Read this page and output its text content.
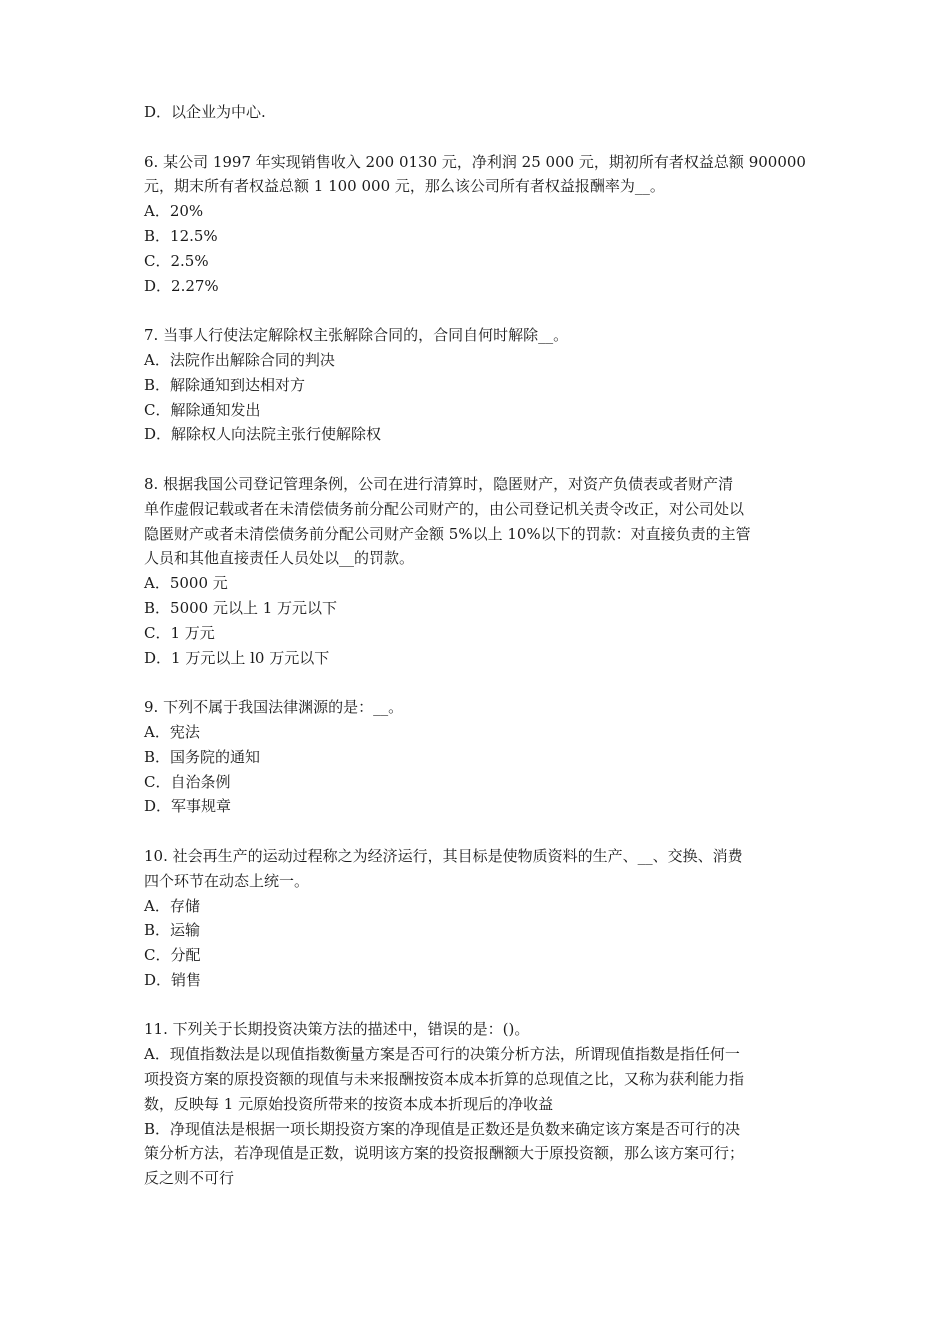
D．以企业为中心.
6. 某公司 1997 年实现销售收入 200 0130 元，净利润 25 000 元，期初所有者权益总额 900000
元，期末所有者权益总额 1 100 000 元，那么该公司所有者权益报酬率为__。
A．20%
B．12.5%
C．2.5%
D．2.27%
7. 当事人行使法定解除权主张解除合同的，合同自何时解除__。
A．法院作出解除合同的判决
B．解除通知到达相对方
C．解除通知发出
D．解除权人向法院主张行使解除权
8. 根据我国公司登记管理条例，公司在进行清算时，隐匿财产，对资产负债表或者财产清
单作虚假记载或者在未清偿债务前分配公司财产的，由公司登记机关责令改正，对公司处以
隐匿财产或者未清偿债务前分配公司财产金额 5%以上 10%以下的罚款：对直接负责的主管
人员和其他直接责任人员处以__的罚款。
A．5000 元
B．5000 元以上 1 万元以下
C．1 万元
D．1 万元以上 l0 万元以下
9. 下列不属于我国法律渊源的是：__。
A．宪法
B．国务院的通知
C．自治条例
D．军事规章
10. 社会再生产的运动过程称之为经济运行，其目标是使物质资料的生产、__、交换、消费
四个环节在动态上统一。
A．存储
B．运输
C．分配
D．销售
11. 下列关于长期投资决策方法的描述中，错误的是：()。
A．现值指数法是以现值指数衡量方案是否可行的决策分析方法，所谓现值指数是指任何一
项投资方案的原投资额的现值与未来报酬按资本成本折算的总现值之比，又称为获利能力指
数，反映每 1 元原始投资所带来的按资本成本折现后的净收益
B．净现值法是根据一项长期投资方案的净现值是正数还是负数来确定该方案是否可行的决
策分析方法，若净现值是正数，说明该方案的投资报酬额大于原投资额，那么该方案可行；
反之则不可行
